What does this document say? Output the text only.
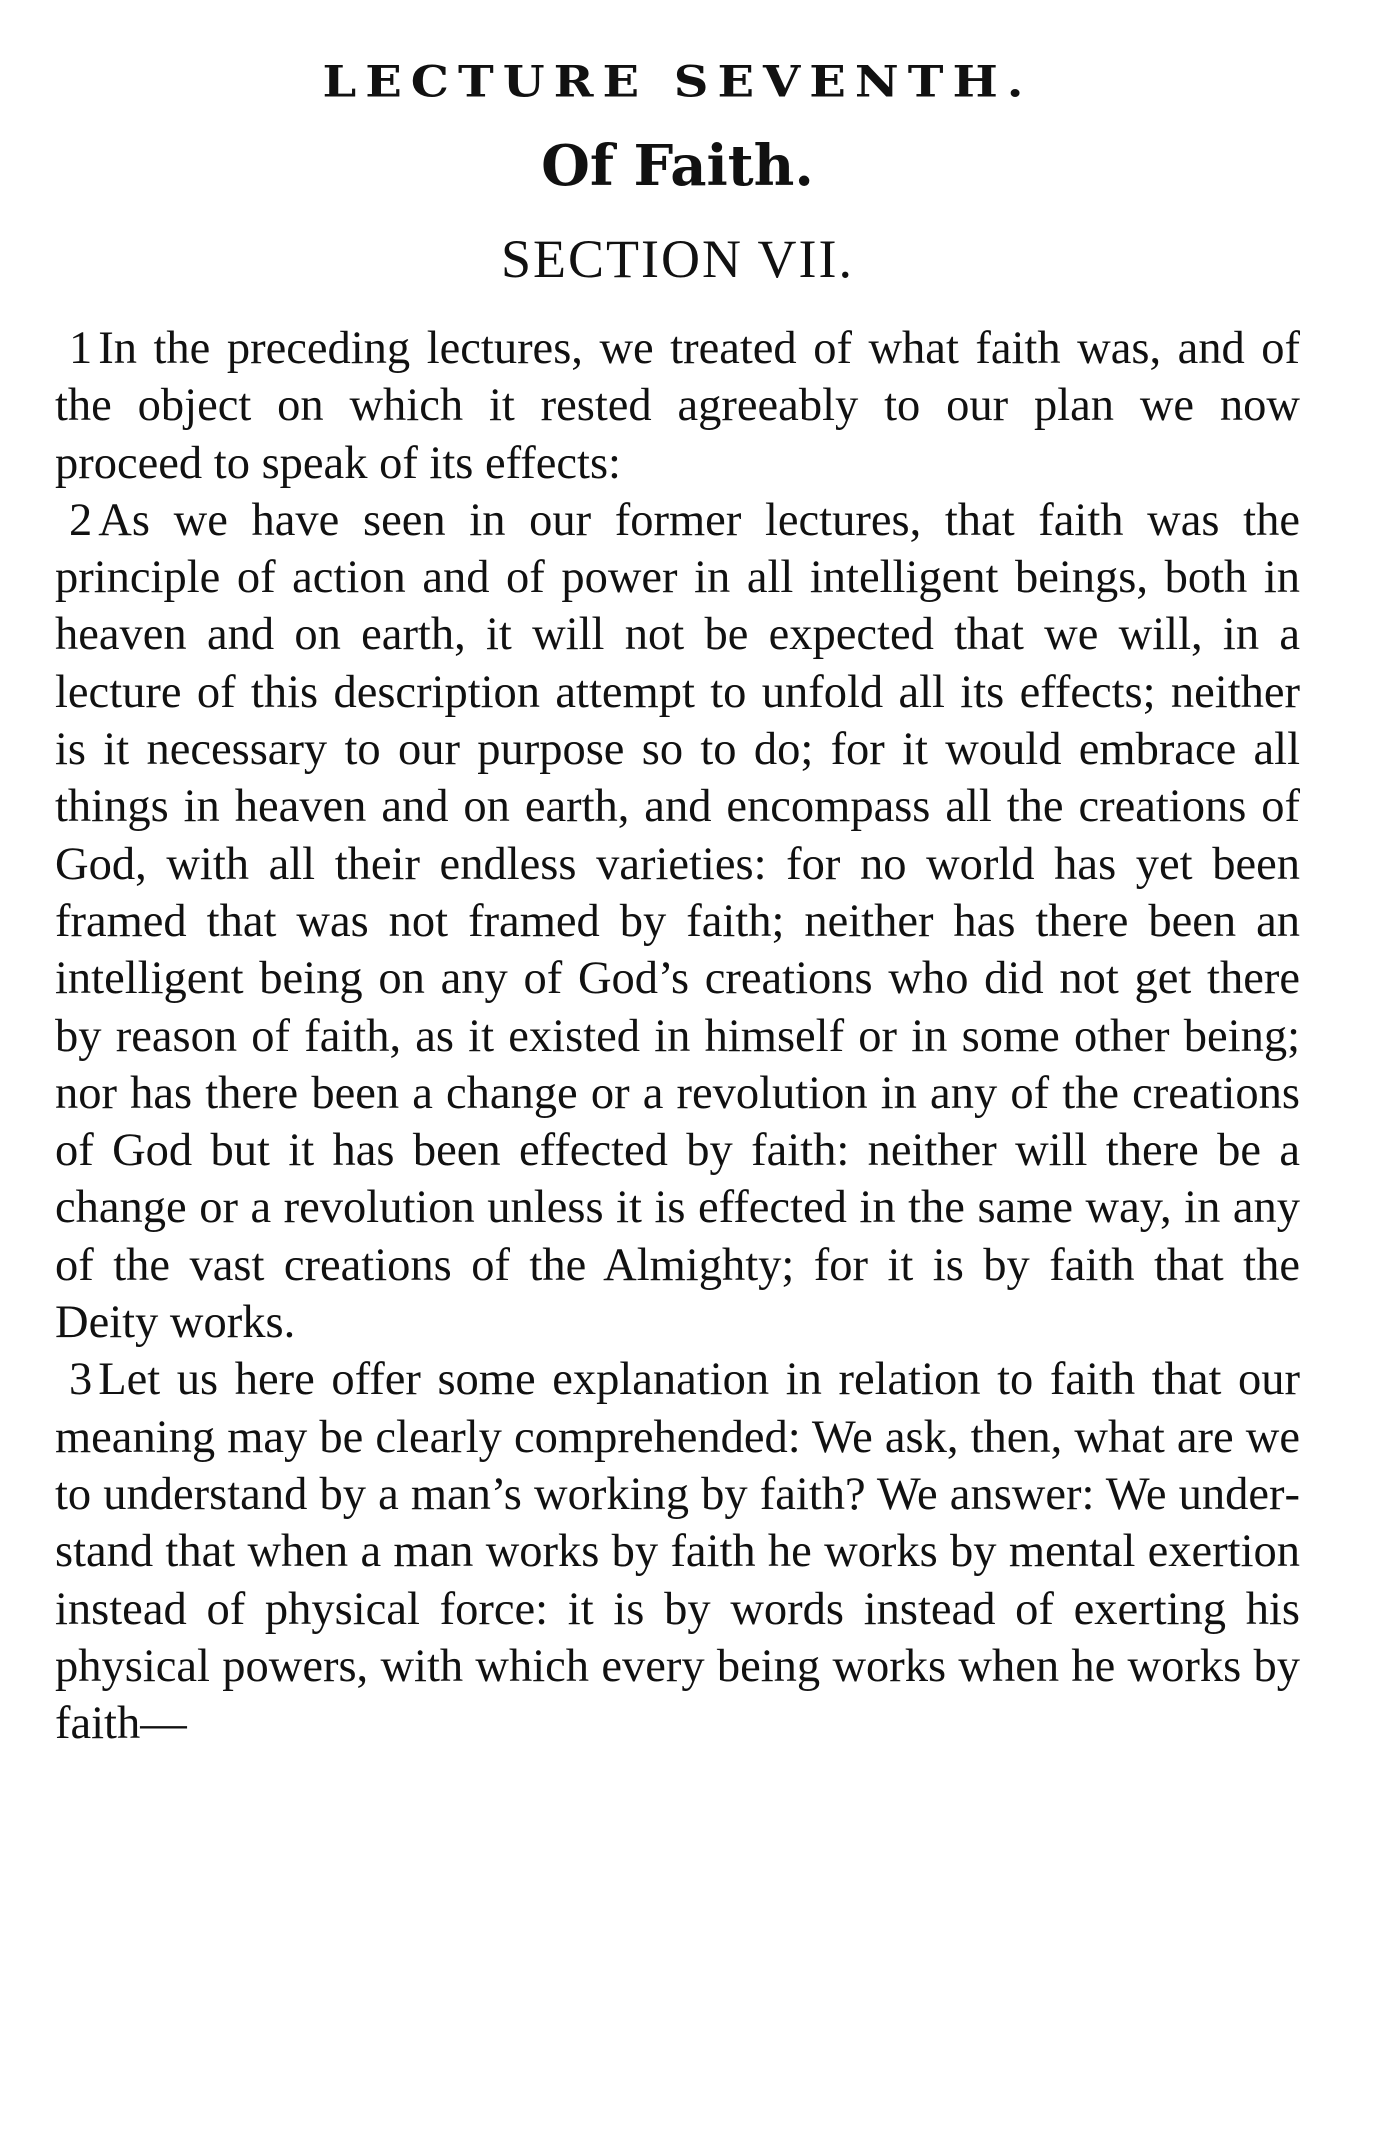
LECTURE SEVENTH.
Of Faith.
SECTION VII.

1 In the preceding lectures, we treated of what faith was, and of the object on which it rested agreeably to our plan we now proceed to speak of its effects:

2 As we have seen in our former lectures, that faith was the principle of action and of power in all intelligent beings, both in heaven and on earth, it will not be expected that we will, in a lecture of this description attempt to unfold all its effects; neither is it necessary to our purpose so to do; for it would embrace all things in heaven and on earth, and encompass all the creations of God, with all their endless varieties: for no world has yet been framed that was not framed by faith; neither has there been an intelligent being on any of God’s creations who did not get there by reason of faith, as it existed in himself or in some other being; nor has there been a change or a revolution in any of the creations of God but it has been effected by faith: neither will there be a change or a revolution unless it is effected in the same way, in any of the vast creations of the Almighty; for it is by faith that the Deity works.

3 Let us here offer some explanation in relation to faith that our meaning may be clearly comprehended: We ask, then, what are we to understand by a man’s working by faith? We answer: We understand that when a man works by faith he works by mental exertion instead of physical force: it is by words instead of exerting his physical powers, with which every being works when he works by faith—
